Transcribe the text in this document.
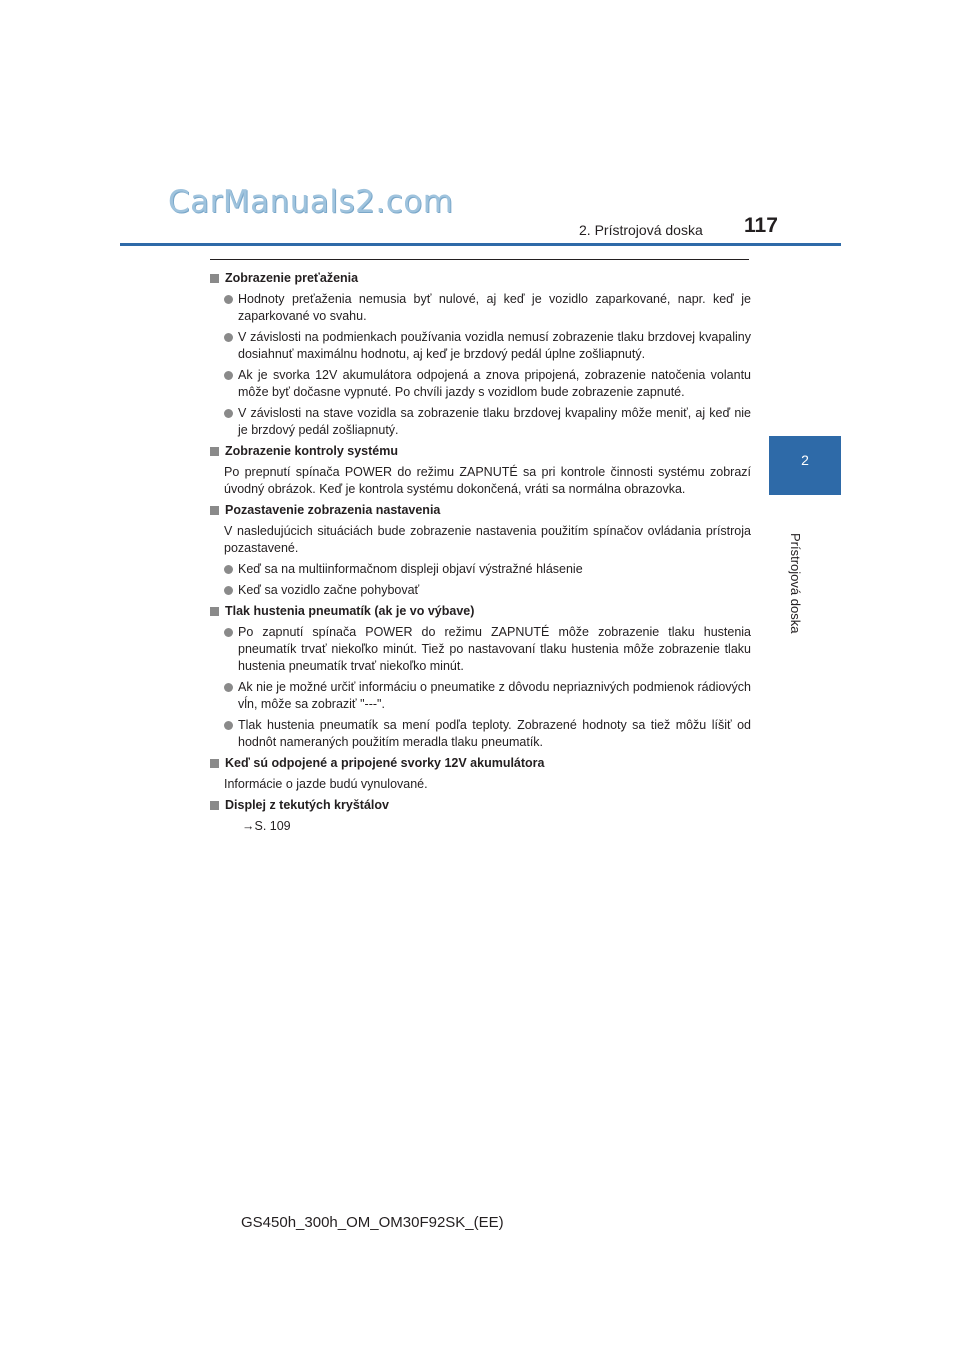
CarManuals2.com
2. Prístrojová doska 117
2
Prístrojová doska
Zobrazenie preťaženia
Hodnoty preťaženia nemusia byť nulové, aj keď je vozidlo zaparkované, napr. keď je zaparkované vo svahu.
V závislosti na podmienkach používania vozidla nemusí zobrazenie tlaku brzdovej kvapaliny dosiahnuť maximálnu hodnotu, aj keď je brzdový pedál úplne zošliapnutý.
Ak je svorka 12V akumulátora odpojená a znova pripojená, zobrazenie natočenia volantu môže byť dočasne vypnuté. Po chvíli jazdy s vozidlom bude zobrazenie zapnuté.
V závislosti na stave vozidla sa zobrazenie tlaku brzdovej kvapaliny môže meniť, aj keď nie je brzdový pedál zošliapnutý.
Zobrazenie kontroly systému
Po prepnutí spínača POWER do režimu ZAPNUTÉ sa pri kontrole činnosti systému zobrazí úvodný obrázok. Keď je kontrola systému dokončená, vráti sa normálna obrazovka.
Pozastavenie zobrazenia nastavenia
V nasledujúcich situáciách bude zobrazenie nastavenia použitím spínačov ovládania prístroja pozastavené.
Keď sa na multiinformačnom displeji objaví výstražné hlásenie
Keď sa vozidlo začne pohybovať
Tlak hustenia pneumatík (ak je vo výbave)
Po zapnutí spínača POWER do režimu ZAPNUTÉ môže zobrazenie tlaku hustenia pneumatík trvať niekoľko minút. Tiež po nastavovaní tlaku hustenia môže zobrazenie tlaku hustenia pneumatík trvať niekoľko minút.
Ak nie je možné určiť informáciu o pneumatike z dôvodu nepriaznivých podmienok rádiových vĺn, môže sa zobraziť "---".
Tlak hustenia pneumatík sa mení podľa teploty. Zobrazené hodnoty sa tiež môžu líšiť od hodnôt nameraných použitím meradla tlaku pneumatík.
Keď sú odpojené a pripojené svorky 12V akumulátora
Informácie o jazde budú vynulované.
Displej z tekutých kryštálov
→S. 109
GS450h_300h_OM_OM30F92SK_(EE)
